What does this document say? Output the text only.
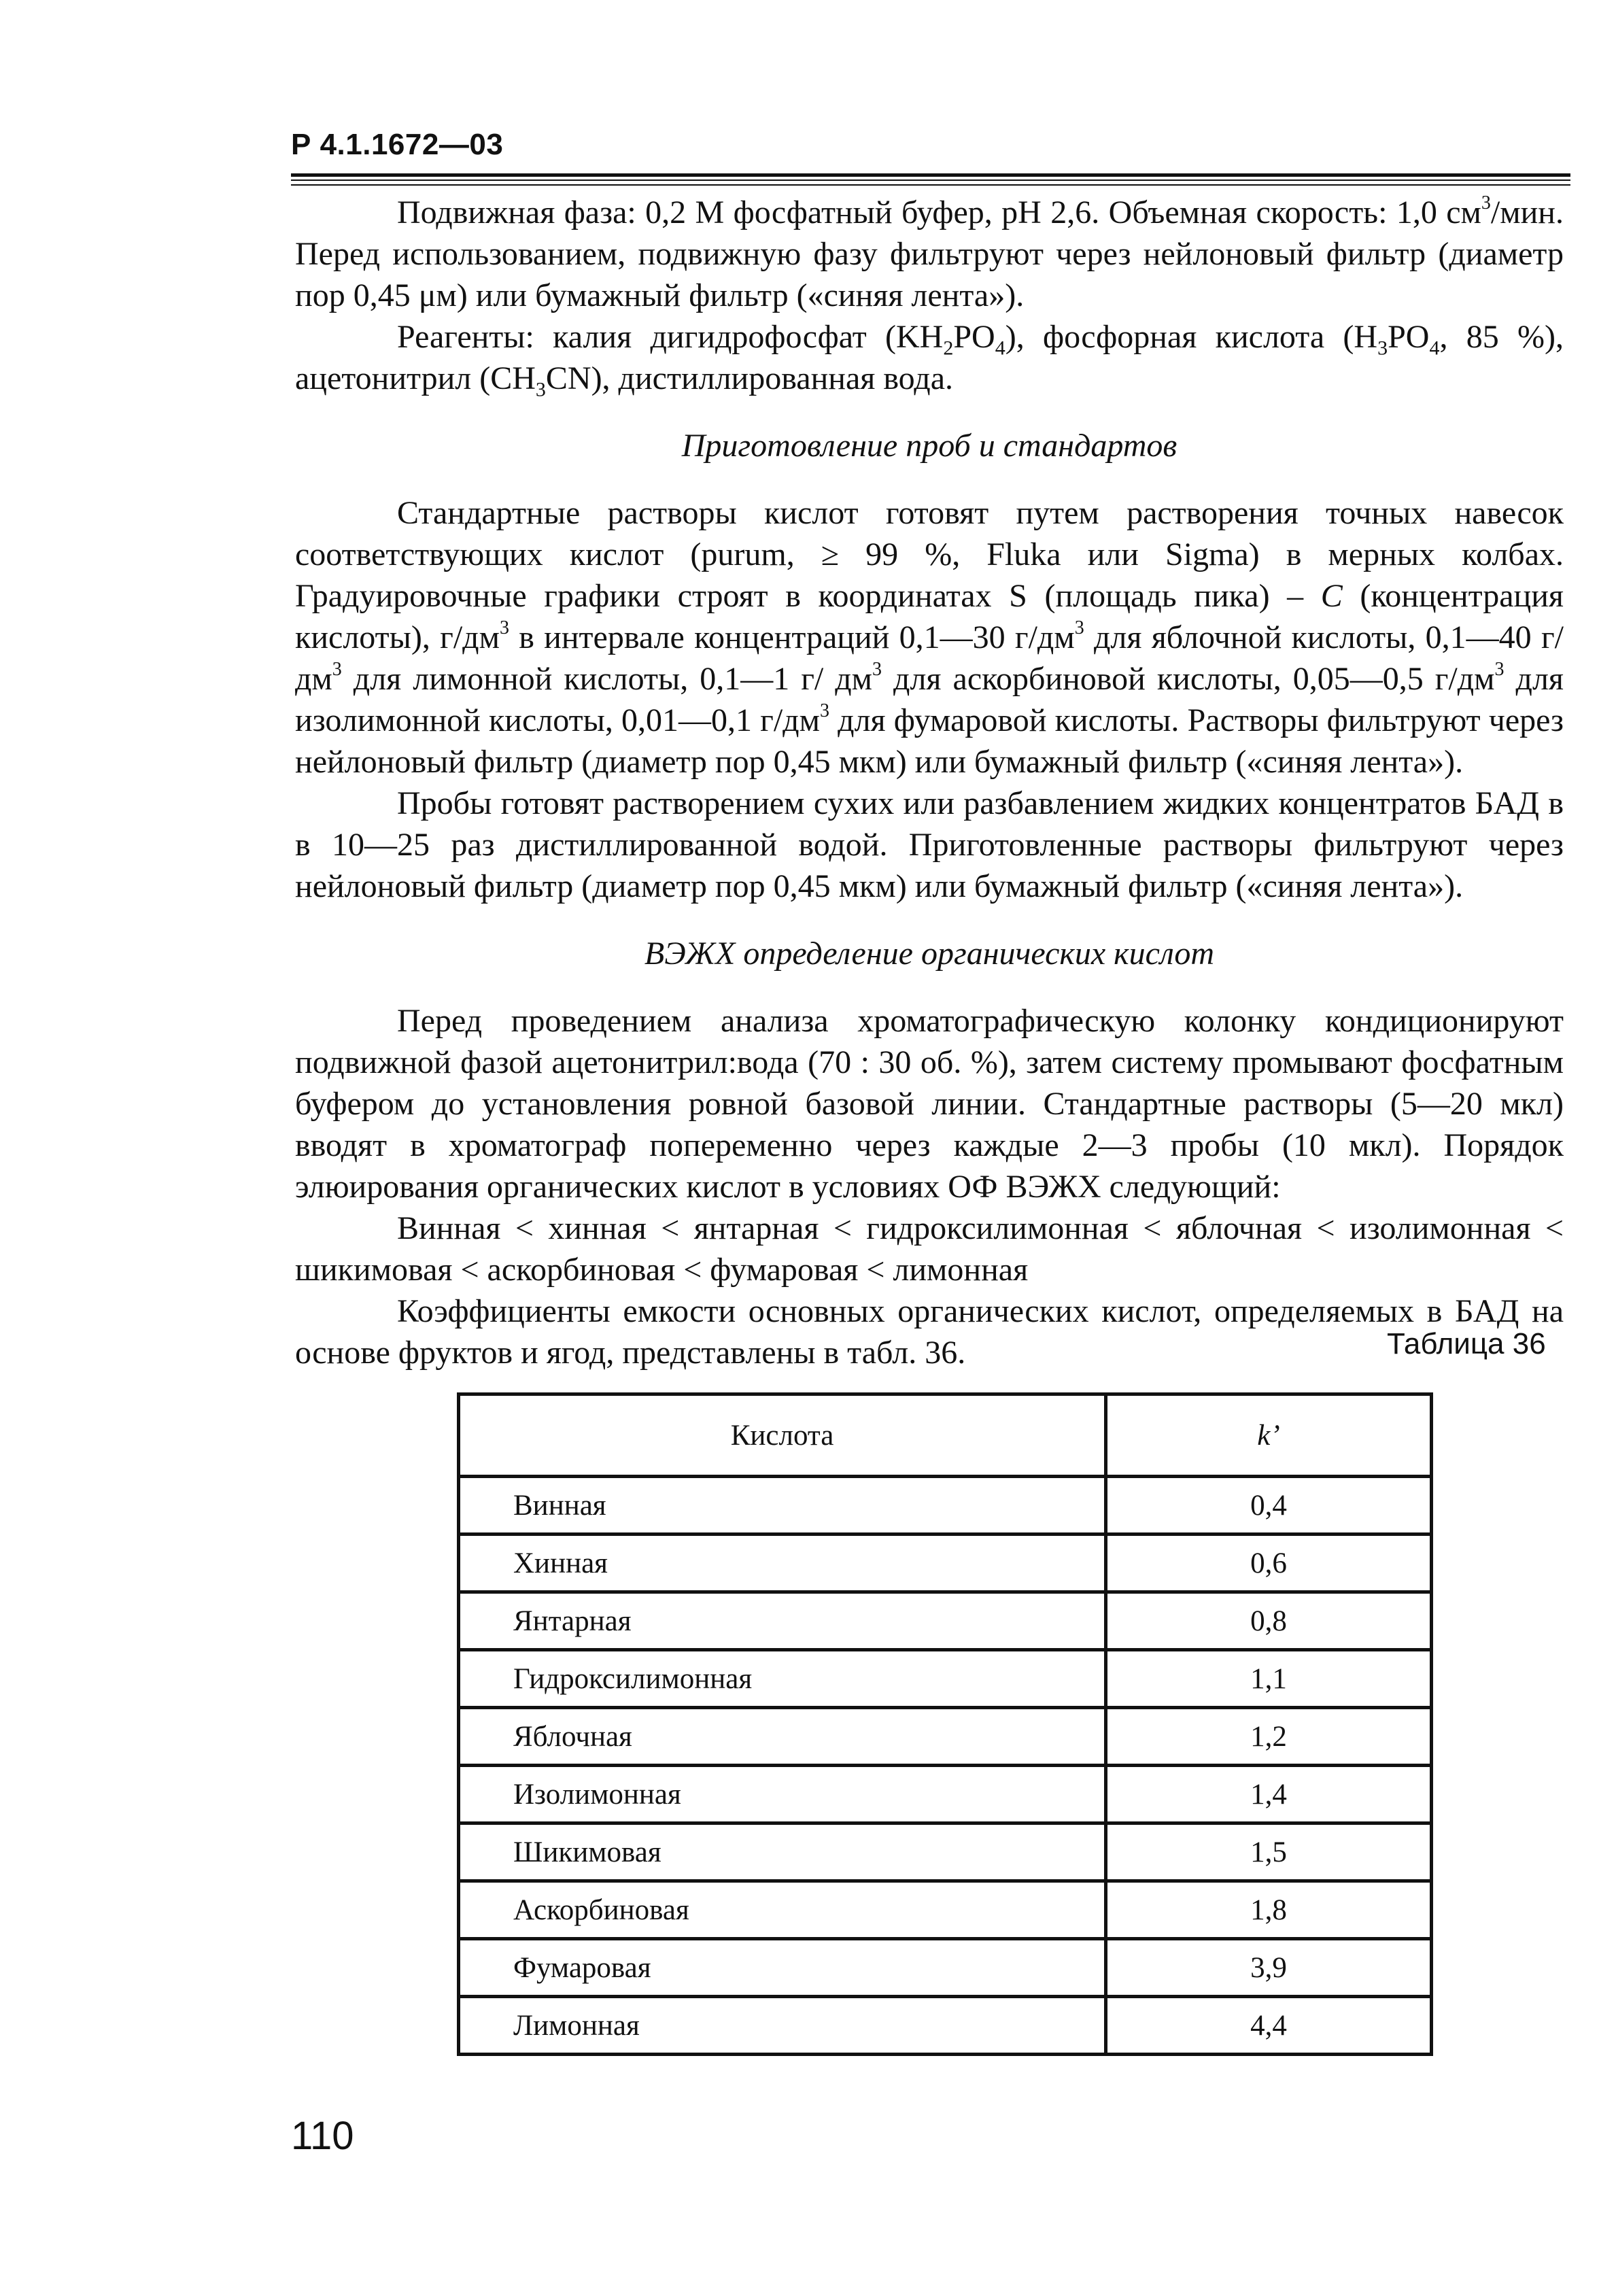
Р 4.1.1672—03

Подвижная фаза: 0,2 М фосфатный буфер, рН 2,6. Объемная скорость: 1,0 $см^3$/мин. Перед использованием, подвижную фазу фильтруют через нейлоновый фильтр (диаметр пор 0,45 μм) или бумажный фильтр («синяя лента»).

Реагенты: калия дигидрофосфат $(KH_2PO_4)$, фосфорная кислота ($H_3PO_4$, 85 %), ацетонитрил $(CH_3CN)$, дистиллированная вода.

Приготовление проб и стандартов

Стандартные растворы кислот готовят путем растворения точных навесок соответствующих кислот (purum, ≥ 99 %, Fluka или Sigma) в мерных колбах. Градуировочные графики строят в координатах S (площадь пика) – C (концентрация кислоты), $г/дм^3$ в интервале концентраций 0,1—30 $г/дм^3$ для яблочной кислоты, 0,1—40 $г/дм^3$ для лимонной кислоты, 0,1—1 г/ $дм^3$ для аскорбиновой кислоты, 0,05—0,5 $г/дм^3$ для изолимонной кислоты, 0,01—0,1 $г/дм^3$ для фумаровой кислоты. Растворы фильтруют через нейлоновый фильтр (диаметр пор 0,45 мкм) или бумажный фильтр («синяя лента»).

Пробы готовят растворением сухих или разбавлением жидких концентратов БАД в в 10—25 раз дистиллированной водой. Приготовленные растворы фильтруют через нейлоновый фильтр (диаметр пор 0,45 мкм) или бумажный фильтр («синяя лента»).

ВЭЖХ определение органических кислот

Перед проведением анализа хроматографическую колонку кондиционируют подвижной фазой ацетонитрил:вода (70 : 30 об. %), затем систему промывают фосфатным буфером до установления ровной базовой линии. Стандартные растворы (5—20 мкл) вводят в хроматограф попеременно через каждые 2—3 пробы (10 мкл). Порядок элюирования органических кислот в условиях ОФ ВЭЖХ следующий:

Винная < хинная < янтарная < гидроксилимонная < яблочная < изолимонная < шикимовая < аскорбиновая < фумаровая < лимонная

Коэффициенты емкости основных органических кислот, определяемых в БАД на основе фруктов и ягод, представлены в табл. 36.	Таблица 36
Кислота	k’
Винная	0,4
Хинная	0,6
Янтарная	0,8
Гидроксилимонная	1,1
Яблочная	1,2
Изолимонная	1,4
Шикимовая	1,5
Аскорбиновая	1,8
Фумаровая	3,9
Лимонная	4,4
110
